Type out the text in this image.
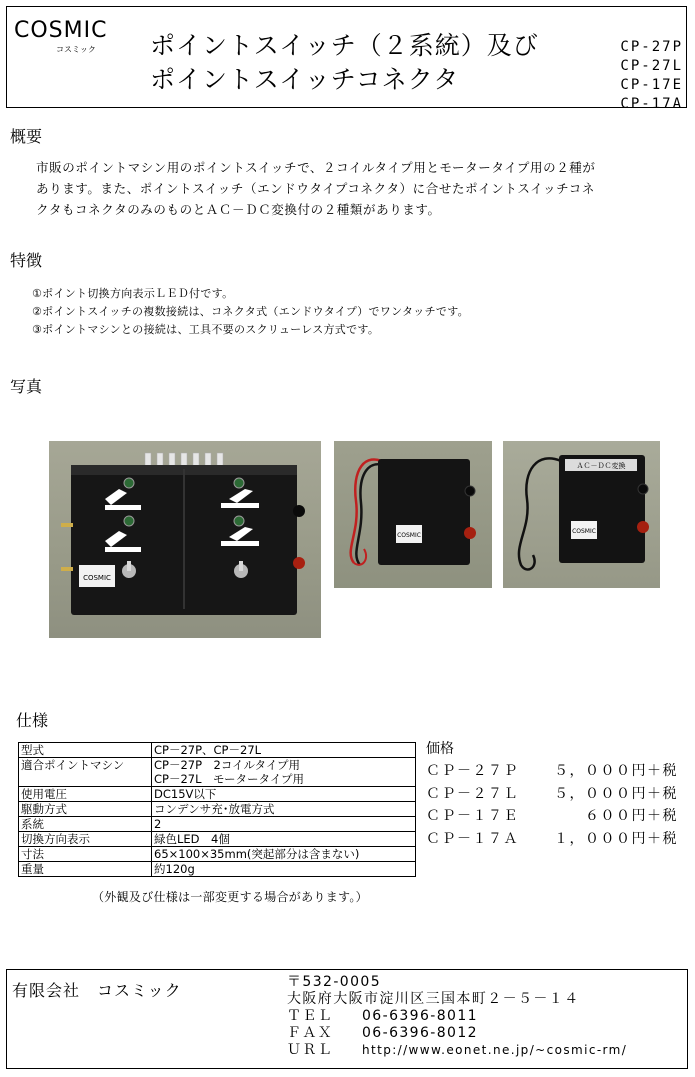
COSMIC
コスミック ポイントスイッチ（２系統）及び
ポイントスイッチコネクタ
CP-27P
CP-27L
CP-17E
CP-17A
概要
市販のポイントマシン用のポイントスイッチで、２コイルタイプ用とモータータイプ用の２種が
あります。また、ポイントスイッチ（エンドウタイプコネクタ）に合せたポイントスイッチコネ
クタもコネクタのみのものとＡＣ－ＤＣ変換付の２種類があります。
特徴
①ポイント切換方向表示ＬＥＤ付です。
②ポイントスイッチの複数接続は、コネクタ式（エンドウタイプ）でワンタッチです。
③ポイントマシンとの接続は、工具不要のスクリューレス方式です。
写真
COSMIC
COSMIC
ＡＣ－ＤＣ変換
COSMIC
仕様
型式	CP－27P、CP－27L
適合ポイントマシン	CP－27P　2コイルタイプ用
CP－27L　モータータイプ用

使用電圧	DC15V以下
駆動方式	コンデンサ充･放電方式
系統	2
切換方向表示	緑色LED　4個
寸法	65×100×35mm(突起部分は含まない)
重量	約120g
（外観及び仕様は一部変更する場合があります。）
価格
ＣＰ－２７Ｐ	５，０００円＋税
ＣＰ－２７Ｌ	５，０００円＋税
ＣＰ－１７Ｅ	６００円＋税
ＣＰ－１７Ａ	１，０００円＋税
有限会社　コスミック	〒532-0005
大阪府大阪市淀川区三国本町２－５－１４
ＴＥＬ 06-6396-8011
ＦＡＸ 06-6396-8012
ＵＲＬ http://www.eonet.ne.jp/~cosmic-rm/
